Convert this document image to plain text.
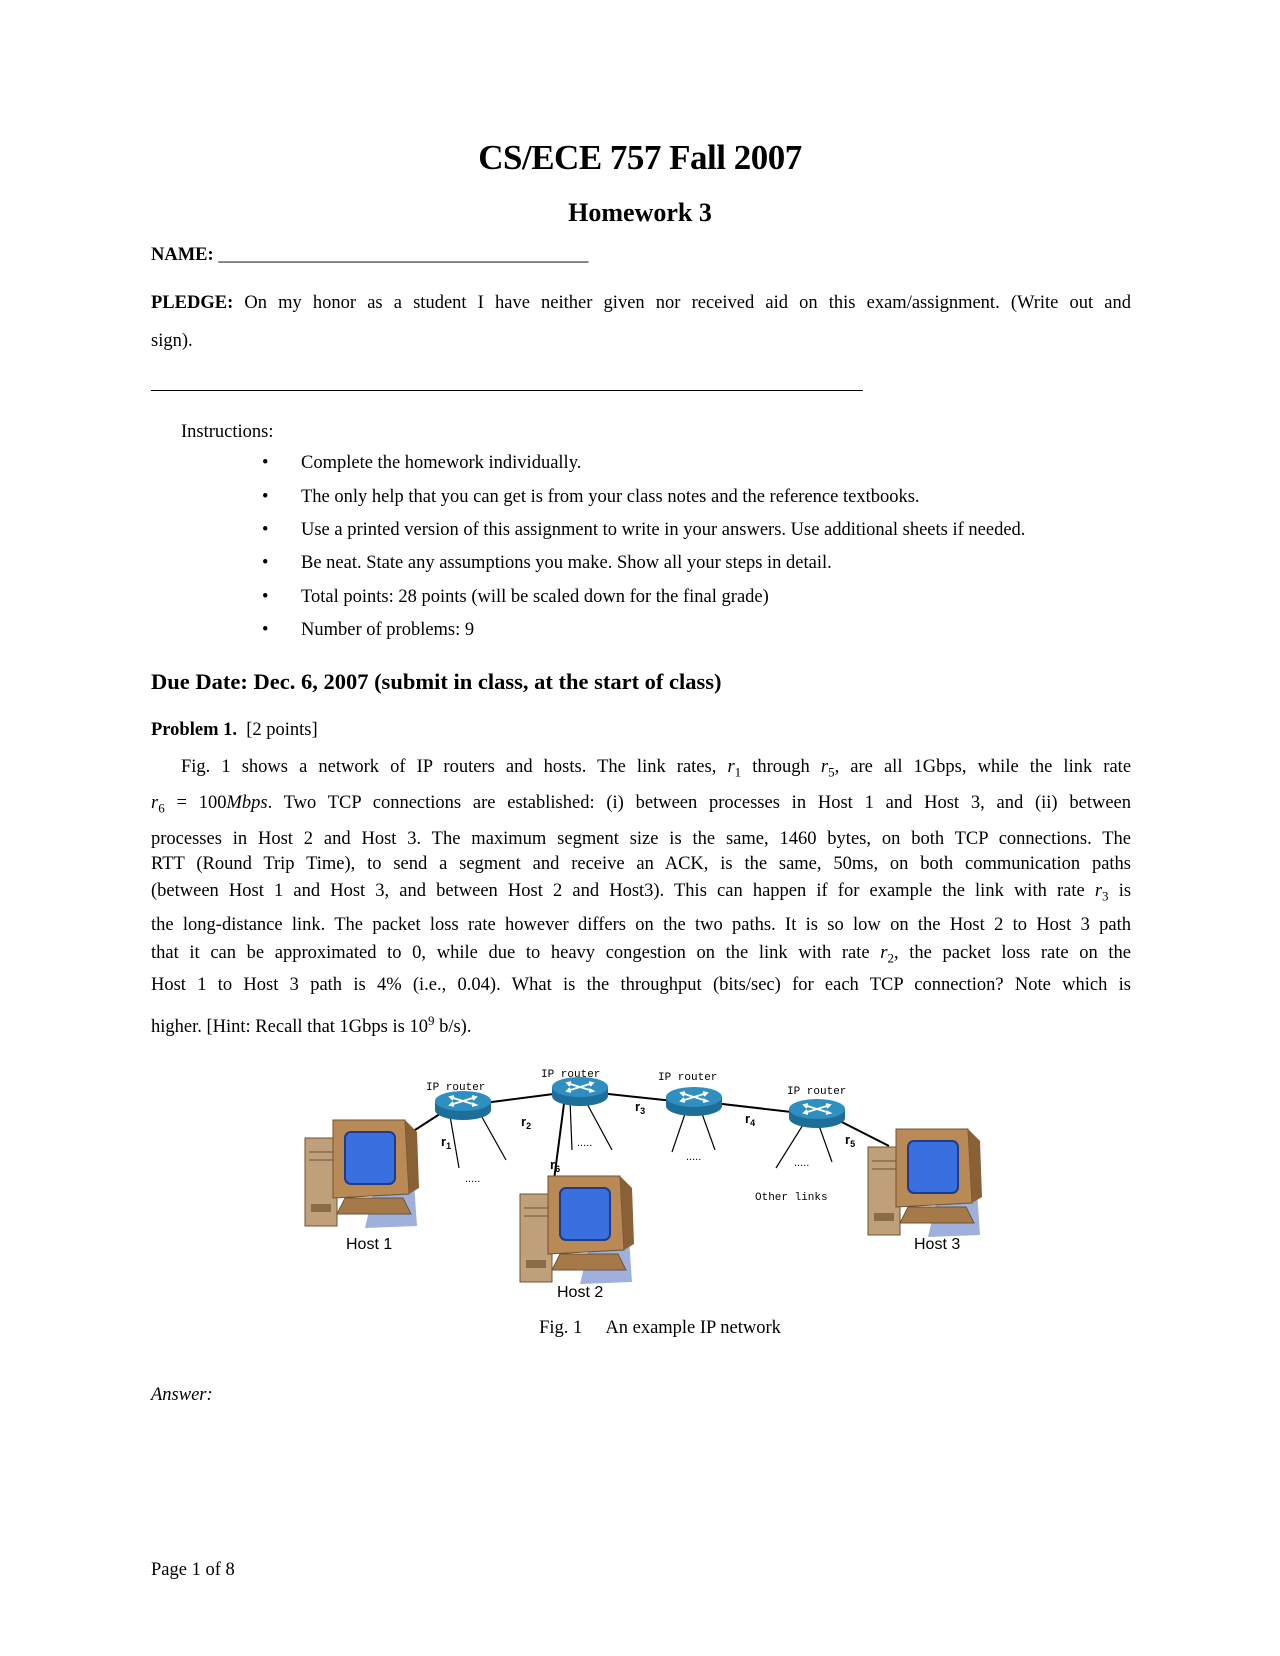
CS/ECE 757 Fall 2007
Homework 3
NAME: ________________________________________
PLEDGE: On my honor as a student I have neither given nor received aid on this exam/assignment. (Write out and
sign).
Instructions:
• Complete the homework individually.
• The only help that you can get is from your class notes and the reference textbooks.
• Use a printed version of this assignment to write in your answers. Use additional sheets if needed.
• Be neat. State any assumptions you make. Show all your steps in detail.
• Total points: 28 points (will be scaled down for the final grade)
• Number of problems: 9
Due Date: Dec. 6, 2007 (submit in class, at the start of class)
Problem 1. [2 points]
Fig. 1 shows a network of IP routers and hosts. The link rates, $r_1$ through $r_5$, are all 1Gbps, while the link rate
$r_6$ = 100Mbps. Two TCP connections are established: (i) between processes in Host 1 and Host 3, and (ii) between
processes in Host 2 and Host 3. The maximum segment size is the same, 1460 bytes, on both TCP connections. The
RTT (Round Trip Time), to send a segment and receive an ACK, is the same, 50ms, on both communication paths
(between Host 1 and Host 3, and between Host 2 and Host3). This can happen if for example the link with rate $r_3$ is
the long-distance link. The packet loss rate however differs on the two paths. It is so low on the Host 2 to Host 3 path
that it can be approximated to 0, while due to heavy congestion on the link with rate $r_2$, the packet loss rate on the
Host 1 to Host 3 path is 4% (i.e., 0.04). What is the throughput (bits/sec) for each TCP connection? Note which is
higher. [Hint: Recall that 1Gbps is $10^9$ b/s).
IP router
IP router	IP router
IP router
$r_1$
$r_2$
$r_3$	$r_4$
$r_5$
$r_6$
.....
.....
.....	.....
Other links
Host 1
Host 2
Host 3
Fig. 1 An example IP network
Answer:
Page 1 of 8
